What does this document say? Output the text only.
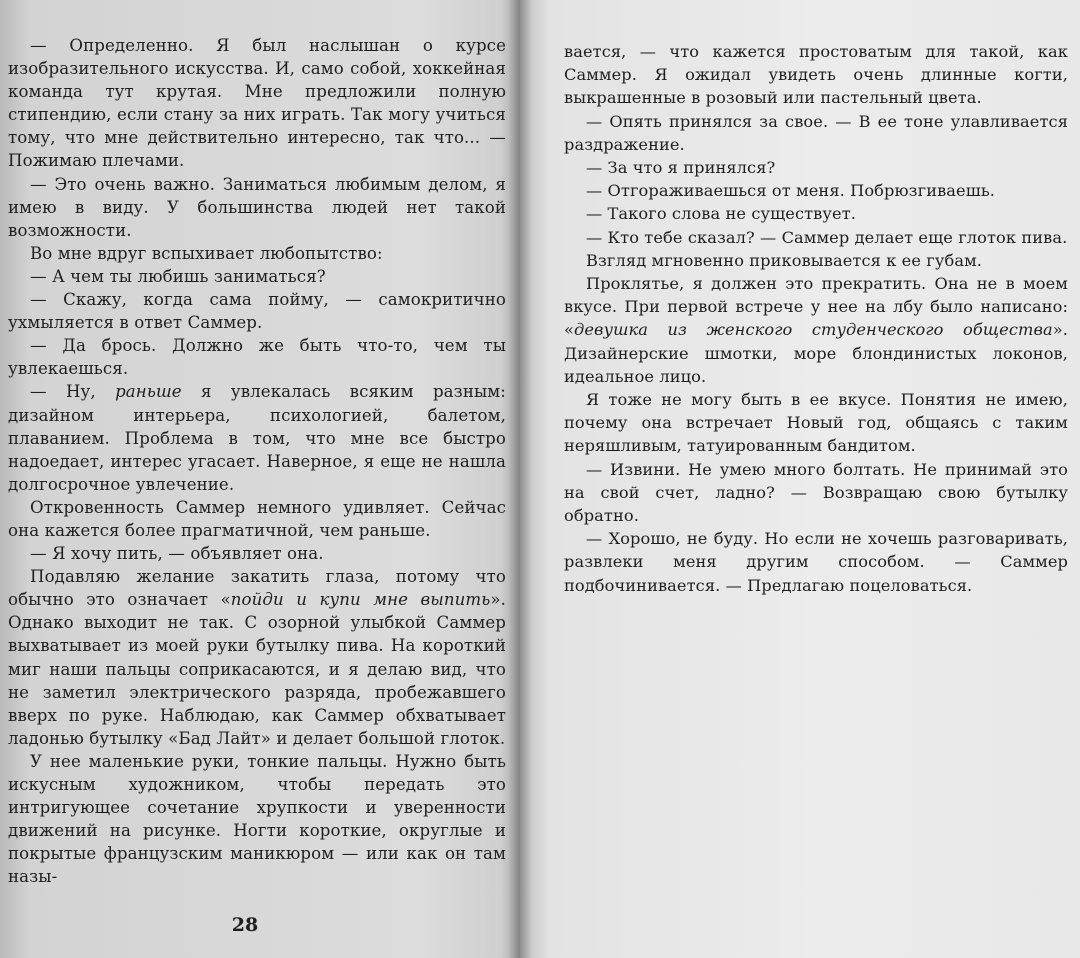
— Определенно. Я был наслышан о курсе изобразительного искусства. И, само собой, хоккейная команда тут крутая. Мне предложили полную стипендию, если стану за них играть. Так могу учиться тому, что мне действительно интересно, так что... — Пожимаю плечами.

— Это очень важно. Заниматься любимым делом, я имею в виду. У большинства людей нет такой возможности.

Во мне вдруг вспыхивает любопытство:

— А чем ты любишь заниматься?

— Скажу, когда сама пойму, — самокритично ухмыляется в ответ Саммер.

— Да брось. Должно же быть что-то, чем ты увлекаешься.

— Ну, раньше я увлекалась всяким разным: дизайном интерьера, психологией, балетом, плаванием. Проблема в том, что мне все быстро надоедает, интерес угасает. Наверное, я еще не нашла долгосрочное увлечение.

Откровенность Саммер немного удивляет. Сейчас она кажется более прагматичной, чем раньше.

— Я хочу пить, — объявляет она.

Подавляю желание закатить глаза, потому что обычно это означает «пойди и купи мне выпить». Однако выходит не так. С озорной улыбкой Саммер выхватывает из моей руки бутылку пива. На короткий миг наши пальцы соприкасаются, и я делаю вид, что не заметил электрического разряда, пробежавшего вверх по руке. Наблюдаю, как Саммер обхватывает ладонью бутылку «Бад Лайт» и делает большой глоток.

У нее маленькие руки, тонкие пальцы. Нужно быть искусным художником, чтобы передать это интригующее сочетание хрупкости и уверенности движений на рисунке. Ногти короткие, округлые и покрытые французским маникюром — или как он там назы-

28

вается, — что кажется простоватым для такой, как Саммер. Я ожидал увидеть очень длинные когти, выкрашенные в розовый или пастельный цвета.

— Опять принялся за свое. — В ее тоне улавливается раздражение.

— За что я принялся?

— Отгораживаешься от меня. Побрюзгиваешь.

— Такого слова не существует.

— Кто тебе сказал? — Саммер делает еще глоток пива.

Взгляд мгновенно приковывается к ее губам.

Проклятье, я должен это прекратить. Она не в моем вкусе. При первой встрече у нее на лбу было написано: «девушка из женского студенческого общества». Дизайнерские шмотки, море блондинистых локонов, идеальное лицо.

Я тоже не могу быть в ее вкусе. Понятия не имею, почему она встречает Новый год, общаясь с таким неряшливым, татуированным бандитом.

— Извини. Не умею много болтать. Не принимай это на свой счет, ладно? — Возвращаю свою бутылку обратно.

— Хорошо, не буду. Но если не хочешь разговаривать, развлеки меня другим способом. — Саммер подбочинивается. — Предлагаю поцеловаться.
